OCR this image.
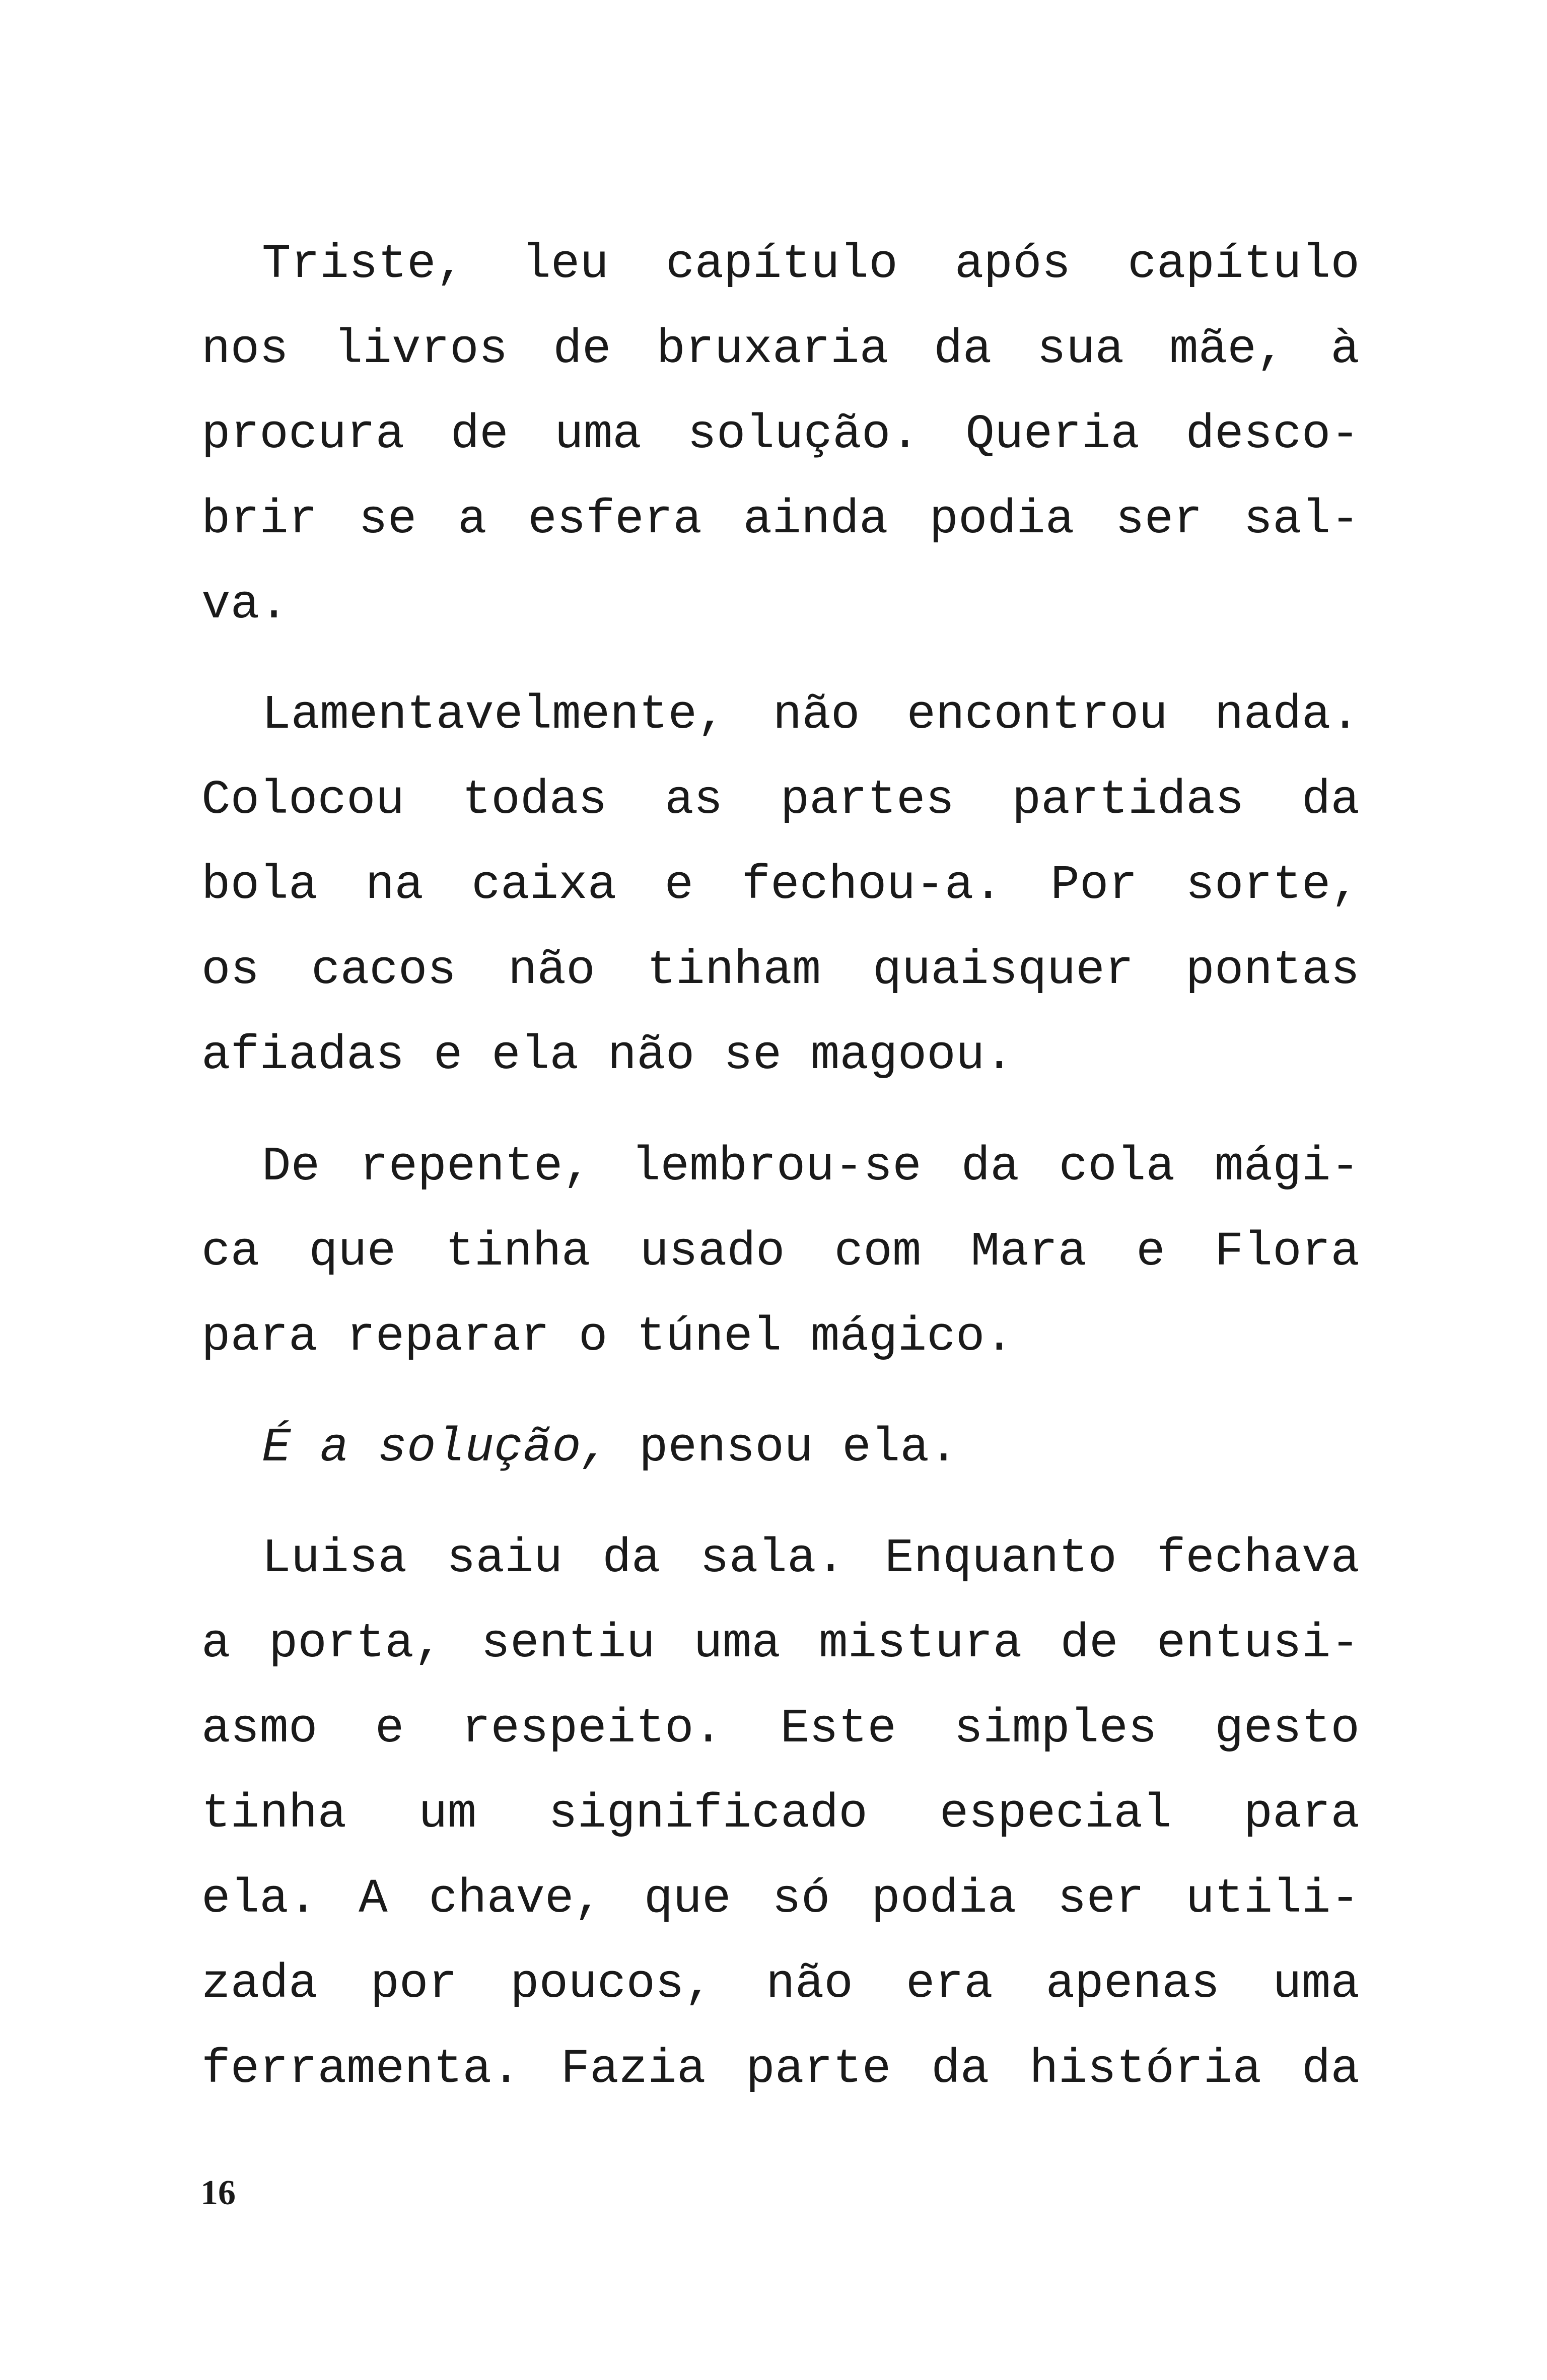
Triste, leu capítulo após capítulo
nos livros de bruxaria da sua mãe, à
procura de uma solução. Queria desco-
brir se a esfera ainda podia ser sal-
va.
Lamentavelmente, não encontrou nada.
Colocou todas as partes partidas da
bola na caixa e fechou-a. Por sorte,
os cacos não tinham quaisquer pontas
afiadas e ela não se magoou.
De repente, lembrou-se da cola mági-
ca que tinha usado com Mara e Flora
para reparar o túnel mágico.
É a solução, pensou ela.
Luisa saiu da sala. Enquanto fechava
a porta, sentiu uma mistura de entusi-
asmo e respeito. Este simples gesto
tinha um significado especial para
ela. A chave, que só podia ser utili-
zada por poucos, não era apenas uma
ferramenta. Fazia parte da história da
16
